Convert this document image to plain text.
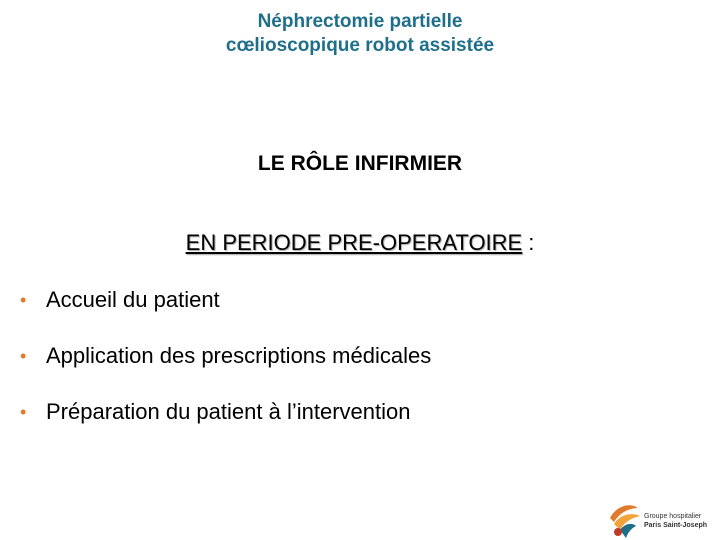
Néphrectomie partielle
cœlioscopique robot assistée
LE RÔLE INFIRMIER
EN PERIODE PRE-OPERATOIRE :
• Accueil du patient
• Application des prescriptions médicales
• Préparation du patient à l’intervention
Groupe hospitalier
Paris Saint-Joseph
